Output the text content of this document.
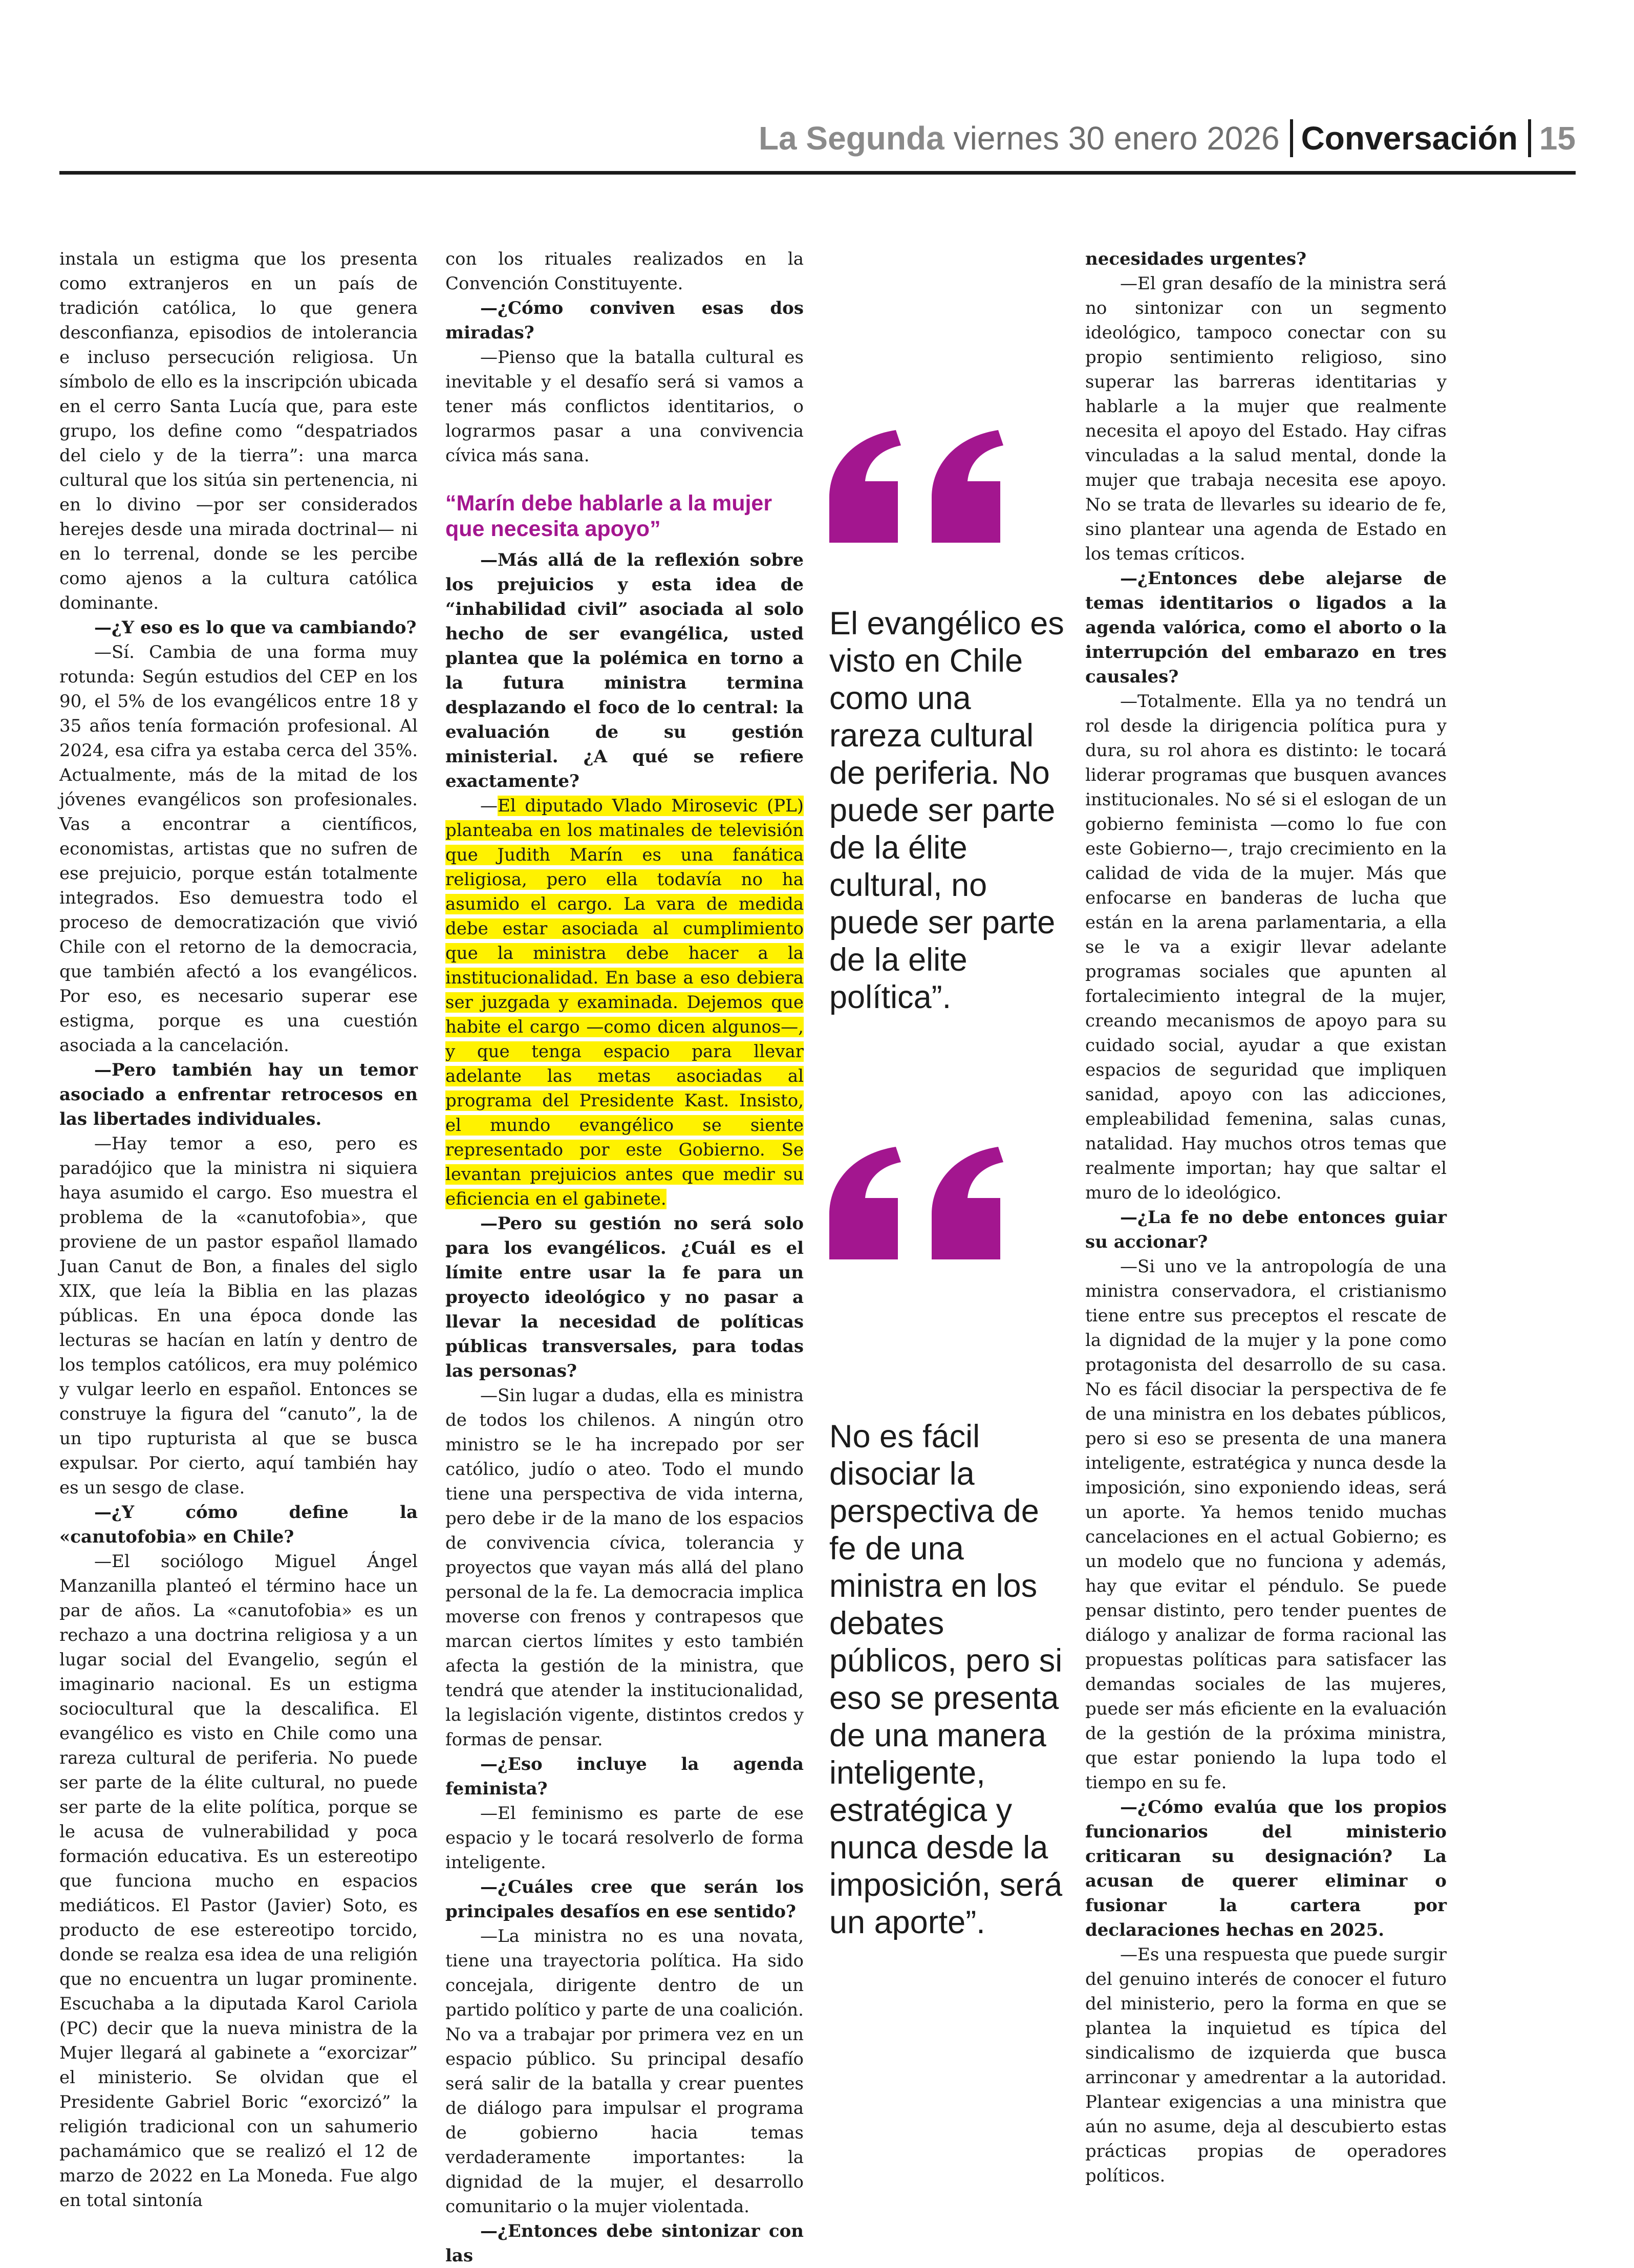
La Segunda viernes 30 enero 2026 Conversación 15

instala un estigma que los presenta como extranjeros en un país de tradición católica, lo que genera desconfianza, episodios de intolerancia e incluso persecución religiosa. Un símbolo de ello es la inscripción ubicada en el cerro Santa Lucía que, para este grupo, los define como “despatriados del cielo y de la tierra”: una marca cultural que los sitúa sin pertenencia, ni en lo divino —por ser considerados herejes desde una mirada doctrinal— ni en lo terrenal, donde se les percibe como ajenos a la cultura católica dominante.

—¿Y eso es lo que va cambiando?

—Sí. Cambia de una forma muy rotunda: Según estudios del CEP en los 90, el 5% de los evangélicos entre 18 y 35 años tenía formación profesional. Al 2024, esa cifra ya estaba cerca del 35%. Actualmente, más de la mitad de los jóvenes evangélicos son profesionales. Vas a encontrar a científicos, economistas, artistas que no sufren de ese prejuicio, porque están totalmente integrados. Eso demuestra todo el proceso de democratización que vivió Chile con el retorno de la democracia, que también afectó a los evangélicos. Por eso, es necesario superar ese estigma, porque es una cuestión asociada a la cancelación.

—Pero también hay un temor asociado a enfrentar retrocesos en las libertades individuales.

—Hay temor a eso, pero es paradójico que la ministra ni siquiera haya asumido el cargo. Eso muestra el problema de la «canutofobia», que proviene de un pastor español llamado Juan Canut de Bon, a finales del siglo XIX, que leía la Biblia en las plazas públicas. En una época donde las lecturas se hacían en latín y dentro de los templos católicos, era muy polémico y vulgar leerlo en español. Entonces se construye la figura del “canuto”, la de un tipo rupturista al que se busca expulsar. Por cierto, aquí también hay es un sesgo de clase.

—¿Y cómo define la «canutofobia» en Chile?

—El sociólogo Miguel Ángel Manzanilla planteó el término hace un par de años. La «canutofobia» es un rechazo a una doctrina religiosa y a un lugar social del Evangelio, según el imaginario nacional. Es un estigma sociocultural que la descalifica. El evangélico es visto en Chile como una rareza cultural de periferia. No puede ser parte de la élite cultural, no puede ser parte de la elite política, porque se le acusa de vulnerabilidad y poca formación educativa. Es un estereotipo que funciona mucho en espacios mediáticos. El Pastor (Javier) Soto, es producto de ese estereotipo torcido, donde se realza esa idea de una religión que no encuentra un lugar prominente. Escuchaba a la diputada Karol Cariola (PC) decir que la nueva ministra de la Mujer llegará al gabinete a “exorcizar” el ministerio. Se olvidan que el Presidente Gabriel Boric “exorcizó” la religión tradicional con un sahumerio pachamámico que se realizó el 12 de marzo de 2022 en La Moneda. Fue algo en total sintonía

con los rituales realizados en la Convención Constituyente.

—¿Cómo conviven esas dos miradas?

—Pienso que la batalla cultural es inevitable y el desafío será si vamos a tener más conflictos identitarios, o lograrmos pasar a una convivencia cívica más sana.

“Marín debe hablarle a la mujer que necesita apoyo”

—Más allá de la reflexión sobre los prejuicios y esta idea de “inhabilidad civil” asociada al solo hecho de ser evangélica, usted plantea que la polémica en torno a la futura ministra termina desplazando el foco de lo central: la evaluación de su gestión ministerial. ¿A qué se refiere exactamente?

—El diputado Vlado Mirosevic (PL) planteaba en los matinales de televisión que Judith Marín es una fanática religiosa, pero ella todavía no ha asumido el cargo. La vara de medida debe estar asociada al cumplimiento que la ministra debe hacer a la institucionalidad. En base a eso debiera ser juzgada y examinada. Dejemos que habite el cargo —como dicen algunos—, y que tenga espacio para llevar adelante las metas asociadas al programa del Presidente Kast. Insisto, el mundo evangélico se siente representado por este Gobierno. Se levantan prejuicios antes que medir su eficiencia en el gabinete.

—Pero su gestión no será solo para los evangélicos. ¿Cuál es el límite entre usar la fe para un proyecto ideológico y no pasar a llevar la necesidad de políticas públicas transversales, para todas las personas?

—Sin lugar a dudas, ella es ministra de todos los chilenos. A ningún otro ministro se le ha increpado por ser católico, judío o ateo. Todo el mundo tiene una perspectiva de vida interna, pero debe ir de la mano de los espacios de convivencia cívica, tolerancia y proyectos que vayan más allá del plano personal de la fe. La democracia implica moverse con frenos y contrapesos que marcan ciertos límites y esto también afecta la gestión de la ministra, que tendrá que atender la institucionalidad, la legislación vigente, distintos credos y formas de pensar.

—¿Eso incluye la agenda feminista?

—El feminismo es parte de ese espacio y le tocará resolverlo de forma inteligente.

—¿Cuáles cree que serán los principales desafíos en ese sentido?

—La ministra no es una novata, tiene una trayectoria política. Ha sido concejala, dirigente dentro de un partido político y parte de una coalición. No va a trabajar por primera vez en un espacio público. Su principal desafío será salir de la batalla y crear puentes de diálogo para impulsar el programa de gobierno hacia temas verdaderamente importantes: la dignidad de la mujer, el desarrollo comunitario o la mujer violentada.

—¿Entonces debe sintonizar con las

necesidades urgentes?

—El gran desafío de la ministra será no sintonizar con un segmento ideológico, tampoco conectar con su propio sentimiento religioso, sino superar las barreras identitarias y hablarle a la mujer que realmente necesita el apoyo del Estado. Hay cifras vinculadas a la salud mental, donde la mujer que trabaja necesita ese apoyo. No se trata de llevarles su ideario de fe, sino plantear una agenda de Estado en los temas críticos.

—¿Entonces debe alejarse de temas identitarios o ligados a la agenda valórica, como el aborto o la interrupción del embarazo en tres causales?

—Totalmente. Ella ya no tendrá un rol desde la dirigencia política pura y dura, su rol ahora es distinto: le tocará liderar programas que busquen avances institucionales. No sé si el eslogan de un gobierno feminista —como lo fue con este Gobierno—, trajo crecimiento en la calidad de vida de la mujer. Más que enfocarse en banderas de lucha que están en la arena parlamentaria, a ella se le va a exigir llevar adelante programas sociales que apunten al fortalecimiento integral de la mujer, creando mecanismos de apoyo para su cuidado social, ayudar a que existan espacios de seguridad que impliquen sanidad, apoyo con las adicciones, empleabilidad femenina, salas cunas, natalidad. Hay muchos otros temas que realmente importan; hay que saltar el muro de lo ideológico.

—¿La fe no debe entonces guiar su accionar?

—Si uno ve la antropología de una ministra conservadora, el cristianismo tiene entre sus preceptos el rescate de la dignidad de la mujer y la pone como protagonista del desarrollo de su casa. No es fácil disociar la perspectiva de fe de una ministra en los debates públicos, pero si eso se presenta de una manera inteligente, estratégica y nunca desde la imposición, sino exponiendo ideas, será un aporte. Ya hemos tenido muchas cancelaciones en el actual Gobierno; es un modelo que no funciona y además, hay que evitar el péndulo. Se puede pensar distinto, pero tender puentes de diálogo y analizar de forma racional las propuestas políticas para satisfacer las demandas sociales de las mujeres, puede ser más eficiente en la evaluación de la gestión de la próxima ministra, que estar poniendo la lupa todo el tiempo en su fe.

—¿Cómo evalúa que los propios funcionarios del ministerio criticaran su designación? La acusan de querer eliminar o fusionar la cartera por declaraciones hechas en 2025.

—Es una respuesta que puede surgir del genuino interés de conocer el futuro del ministerio, pero la forma en que se plantea la inquietud es típica del sindicalismo de izquierda que busca arrinconar y amedrentar a la autoridad. Plantear exigencias a una ministra que aún no asume, deja al descubierto estas prácticas propias de operadores políticos.

El evangélico es visto en Chile como una rareza cultural de periferia. No puede ser parte de la élite cultural, no puede ser parte de la elite política”.
No es fácil disociar la perspectiva de fe de una ministra en los debates públicos, pero si eso se presenta de una manera inteligente, estratégica y nunca desde la imposición, será un aporte”.
